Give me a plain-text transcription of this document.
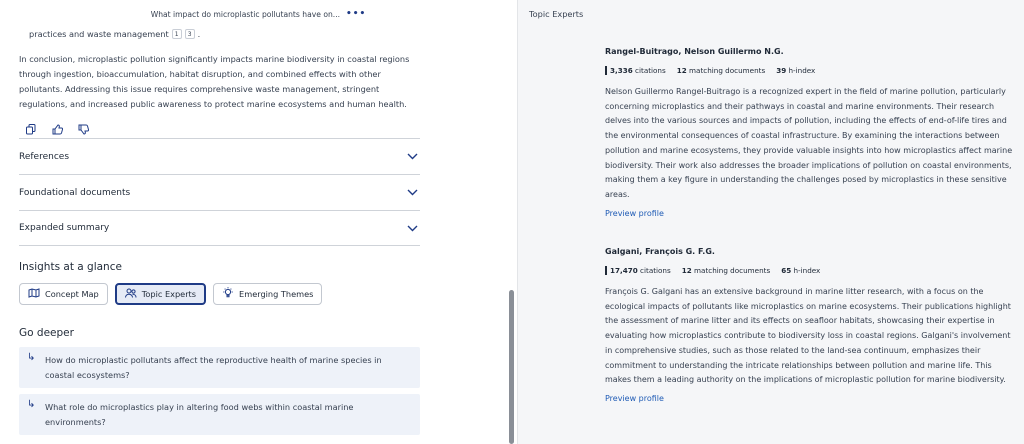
What impact do microplastic pollutants have on... •••
practices and waste management	1	3 .

In conclusion, microplastic pollution significantly impacts marine biodiversity in coastal regions through ingestion, bioaccumulation, habitat disruption, and combined effects with other pollutants. Addressing this issue requires comprehensive waste management, stringent regulations, and increased public awareness to protect marine ecosystems and human health.

References
Foundational documents
Expanded summary
Insights at a glance
Concept Map	Topic Experts	Emerging Themes
Go deeper
↳ How do microplastic pollutants affect the reproductive health of marine species in coastal ecosystems?
↳ What role do microplastics play in altering food webs within coastal marine environments?
Topic Experts
Rangel-Buitrago, Nelson Guillermo N.G.
3,336 citations 12 matching documents 39 h-index

Nelson Guillermo Rangel-Buitrago is a recognized expert in the field of marine pollution, particularly concerning microplastics and their pathways in coastal and marine environments. Their research delves into the various sources and impacts of pollution, including the effects of end-of-life tires and the environmental consequences of coastal infrastructure. By examining the interactions between pollution and marine ecosystems, they provide valuable insights into how microplastics affect marine biodiversity. Their work also addresses the broader implications of pollution on coastal environments, making them a key figure in understanding the challenges posed by microplastics in these sensitive areas.

Preview profile
Galgani, François G. F.G.
17,470 citations 12 matching documents 65 h-index

François G. Galgani has an extensive background in marine litter research, with a focus on the ecological impacts of pollutants like microplastics on marine ecosystems. Their publications highlight the assessment of marine litter and its effects on seafloor habitats, showcasing their expertise in evaluating how microplastics contribute to biodiversity loss in coastal regions. Galgani's involvement in comprehensive studies, such as those related to the land-sea continuum, emphasizes their commitment to understanding the intricate relationships between pollution and marine life. This makes them a leading authority on the implications of microplastic pollution for marine biodiversity.

Preview profile
